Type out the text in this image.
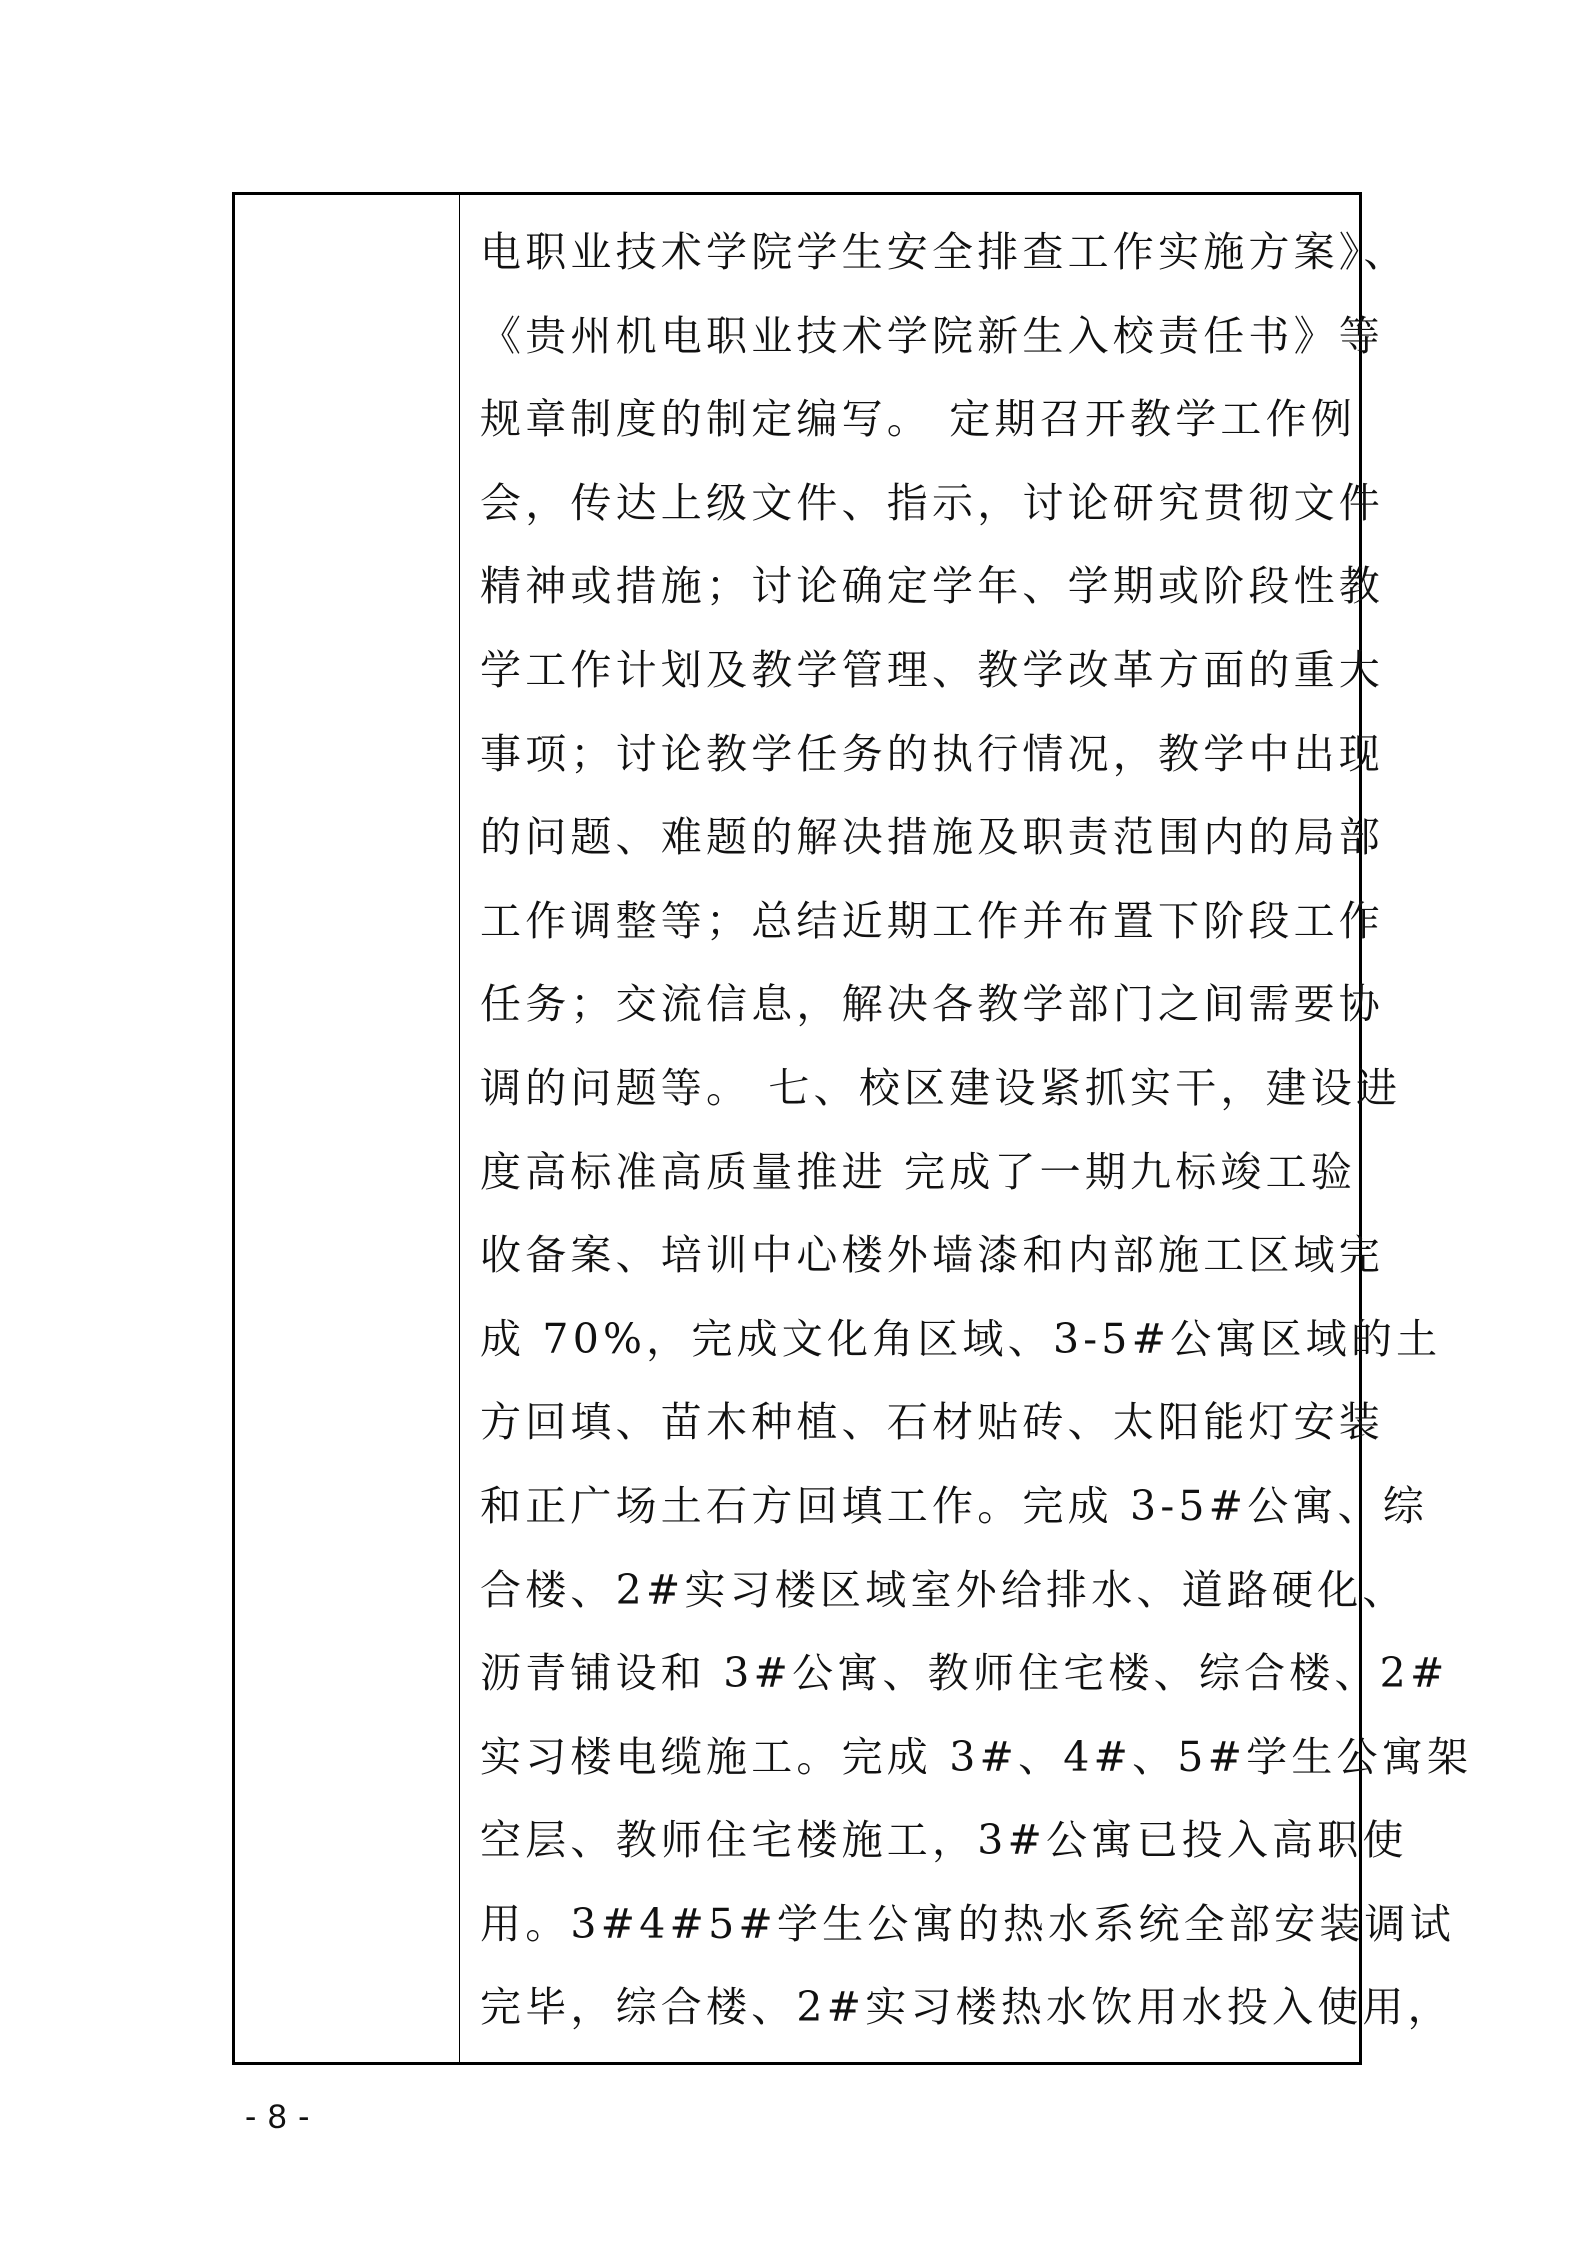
电职业技术学院学生安全排查工作实施方案》、
《贵州机电职业技术学院新生入校责任书》等
规章制度的制定编写。 定期召开教学工作例
会，传达上级文件、指示，讨论研究贯彻文件
精神或措施；讨论确定学年、学期或阶段性教
学工作计划及教学管理、教学改革方面的重大
事项；讨论教学任务的执行情况，教学中出现
的问题、难题的解决措施及职责范围内的局部
工作调整等；总结近期工作并布置下阶段工作
任务；交流信息，解决各教学部门之间需要协
调的问题等。 七、校区建设紧抓实干，建设进
度高标准高质量推进 完成了一期九标竣工验
收备案、培训中心楼外墙漆和内部施工区域完
成 70%，完成文化角区域、3-5#公寓区域的土
方回填、苗木种植、石材贴砖、太阳能灯安装
和正广场土石方回填工作。完成 3-5#公寓、综
合楼、2#实习楼区域室外给排水、道路硬化、
沥青铺设和 3#公寓、教师住宅楼、综合楼、2#
实习楼电缆施工。完成 3#、4#、5#学生公寓架
空层、教师住宅楼施工，3#公寓已投入高职使
用。3#4#5#学生公寓的热水系统全部安装调试
完毕，综合楼、2#实习楼热水饮用水投入使用，
- 8 -
